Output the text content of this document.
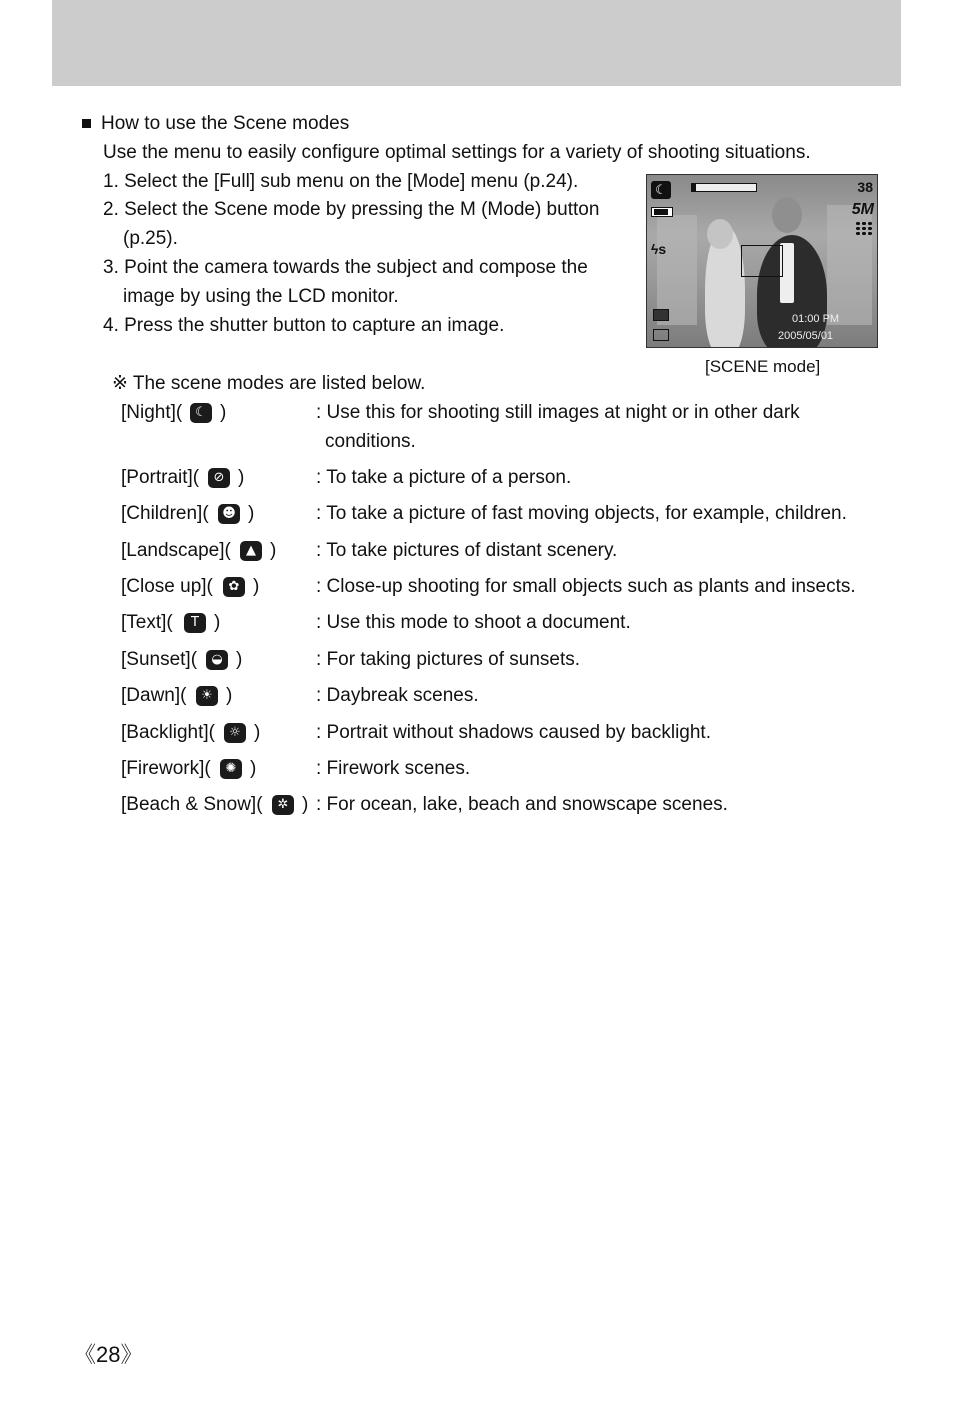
How to use the Scene modes
Use the menu to easily configure optimal settings for a variety of shooting situations.
1. Select the [Full] sub menu on the [Mode] menu (p.24).
2. Select the Scene mode by pressing the M (Mode) button
(p.25).
3. Point the camera towards the subject and compose the
image by using the LCD monitor.
4. Press the shutter button to capture an image.
☾	38
5M
ϟs
01:00 PM
2005/05/01
[SCENE mode]
※ The scene modes are listed below.
[Night]( ☾ )	: Use this for shooting still images at night or in other dark
conditions.
[Portrait](	⊘ )	: To take a picture of a person.
[Children](	☻ )	: To take a picture of fast moving objects, for example, children.
[Landscape](	▲ ) : To take pictures of distant scenery.
[Close up](	✿ )	: Close-up shooting for small objects such as plants and insects.
[Text](	T )	: Use this mode to shoot a document.
[Sunset](	◒ )	: For taking pictures of sunsets.
[Dawn](	☀ )	: Daybreak scenes.
[Backlight](	☼ )	: Portrait without shadows caused by backlight.
[Firework](	✺ )	: Firework scenes.
[Beach & Snow](	✲ ) : For ocean, lake, beach and snowscape scenes.
《28》
